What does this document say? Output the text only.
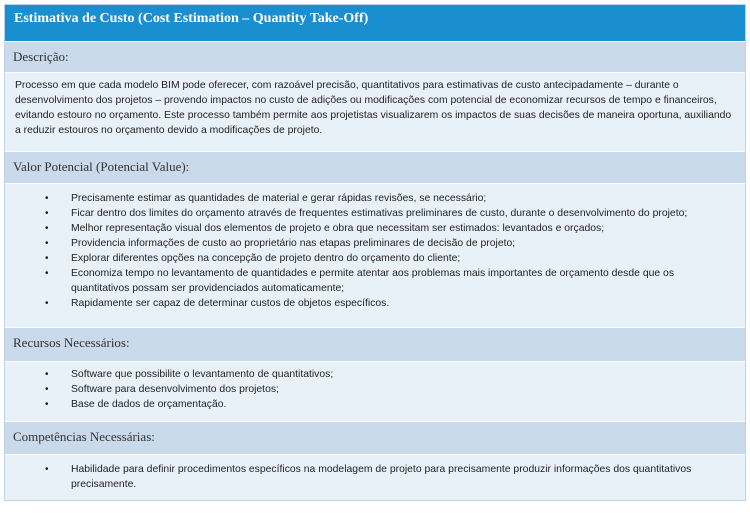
Estimativa de Custo (Cost Estimation – Quantity Take-Off)
Descrição:

Processo em que cada modelo BIM pode oferecer, com razoável precisão, quantitativos para estimativas de custo antecipadamente – durante o desenvolvimento dos projetos – provendo impactos no custo de adições ou modificações com potencial de economizar recursos de tempo e financeiros, evitando estouro no orçamento. Este processo também permite aos projetistas visualizarem os impactos de suas decisões de maneira oportuna, auxiliando a reduzir estouros no orçamento devido a modificações de projeto.

Valor Potencial (Potencial Value):
• Precisamente estimar as quantidades de material e gerar rápidas revisões, se necessário;
• Ficar dentro dos limites do orçamento através de frequentes estimativas preliminares de custo, durante o desenvolvimento do projeto;
• Melhor representação visual dos elementos de projeto e obra que necessitam ser estimados: levantados e orçados;
• Providencia informações de custo ao proprietário nas etapas preliminares de decisão de projeto;
• Explorar diferentes opções na concepção de projeto dentro do orçamento do cliente;
• Economiza tempo no levantamento de quantidades e permite atentar aos problemas mais importantes de orçamento desde que os quantitativos possam ser providenciados automaticamente;
• Rapidamente ser capaz de determinar custos de objetos específicos.
Recursos Necessários:
• Software que possibilite o levantamento de quantitativos;
• Software para desenvolvimento dos projetos;
• Base de dados de orçamentação.
Competências Necessárias:
• Habilidade para definir procedimentos específicos na modelagem de projeto para precisamente produzir informações dos quantitativos precisamente.
